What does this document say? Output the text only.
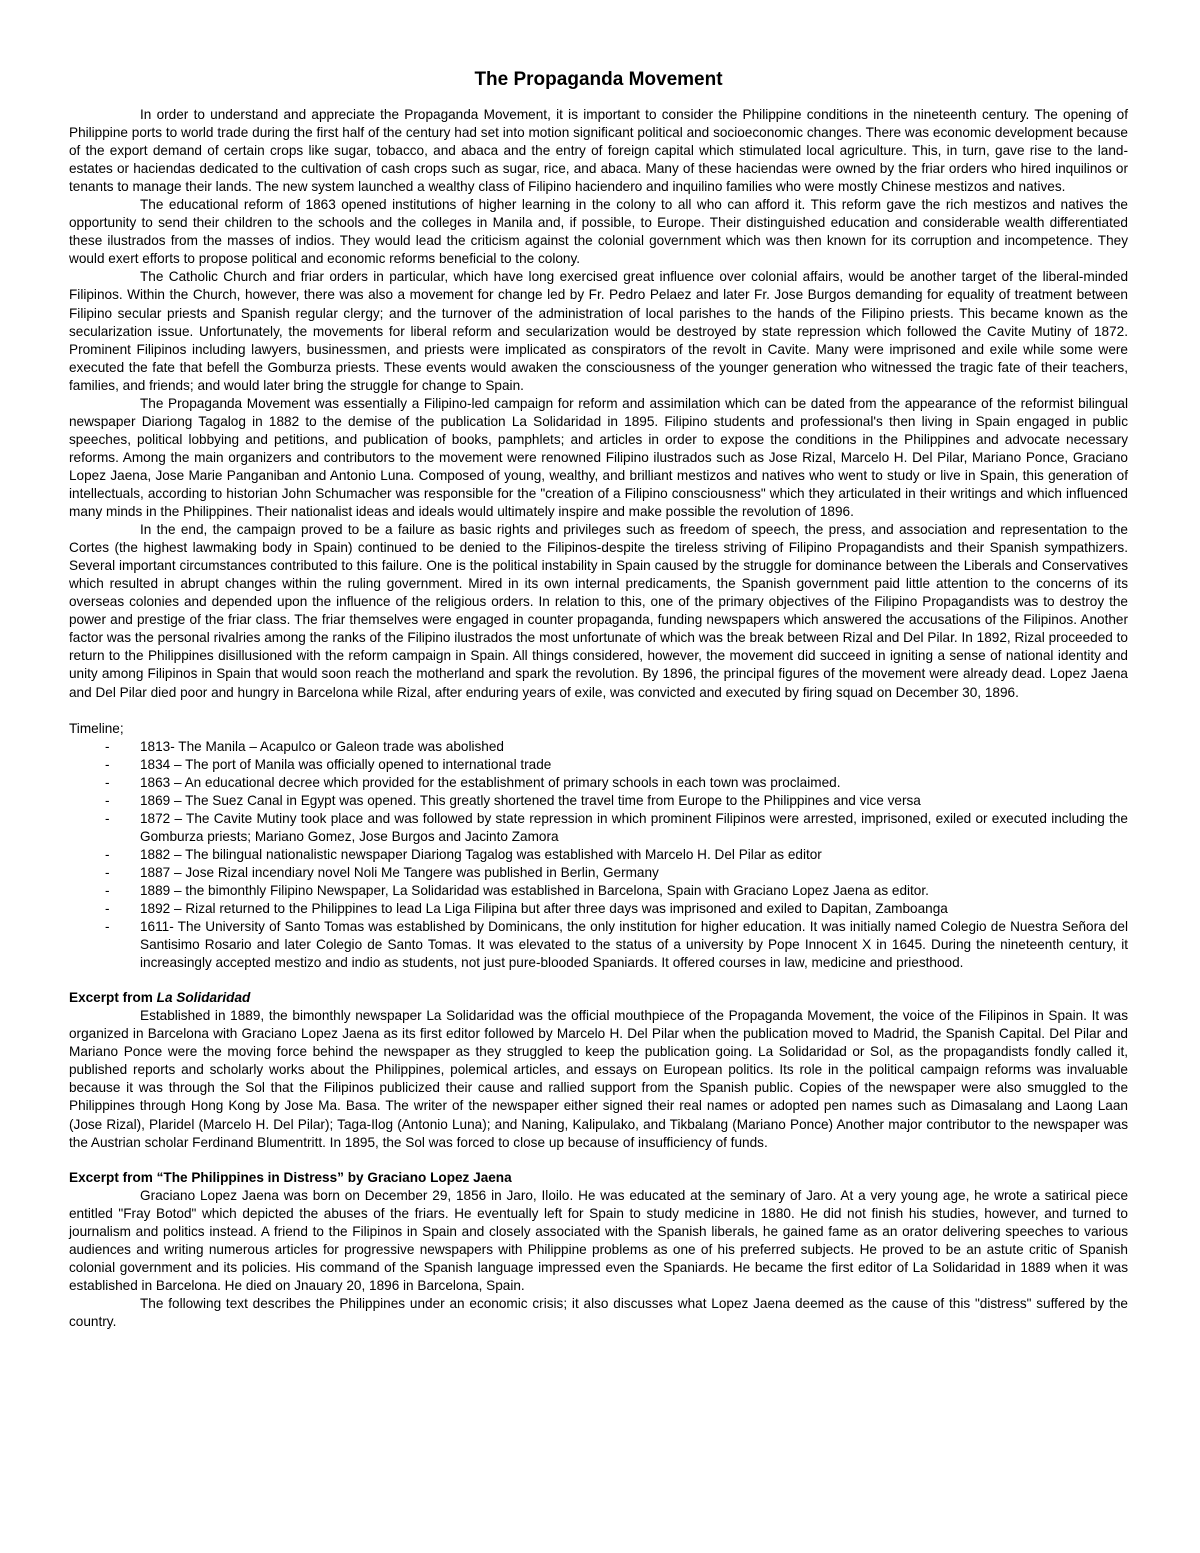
The Propaganda Movement

In order to understand and appreciate the Propaganda Movement, it is important to consider the Philippine conditions in the nineteenth century. The opening of Philippine ports to world trade during the first half of the century had set into motion significant political and socioeconomic changes. There was economic development because of the export demand of certain crops like sugar, tobacco, and abaca and the entry of foreign capital which stimulated local agriculture. This, in turn, gave rise to the land-estates or haciendas dedicated to the cultivation of cash crops such as sugar, rice, and abaca. Many of these haciendas were owned by the friar orders who hired inquilinos or tenants to manage their lands. The new system launched a wealthy class of Filipino haciendero and inquilino families who were mostly Chinese mestizos and natives.

The educational reform of 1863 opened institutions of higher learning in the colony to all who can afford it. This reform gave the rich mestizos and natives the opportunity to send their children to the schools and the colleges in Manila and, if possible, to Europe. Their distinguished education and considerable wealth differentiated these ilustrados from the masses of indios. They would lead the criticism against the colonial government which was then known for its corruption and incompetence. They would exert efforts to propose political and economic reforms beneficial to the colony.

The Catholic Church and friar orders in particular, which have long exercised great influence over colonial affairs, would be another target of the liberal-minded Filipinos. Within the Church, however, there was also a movement for change led by Fr. Pedro Pelaez and later Fr. Jose Burgos demanding for equality of treatment between Filipino secular priests and Spanish regular clergy; and the turnover of the administration of local parishes to the hands of the Filipino priests. This became known as the secularization issue. Unfortunately, the movements for liberal reform and secularization would be destroyed by state repression which followed the Cavite Mutiny of 1872. Prominent Filipinos including lawyers, businessmen, and priests were implicated as conspirators of the revolt in Cavite. Many were imprisoned and exile while some were executed the fate that befell the Gomburza priests. These events would awaken the consciousness of the younger generation who witnessed the tragic fate of their teachers, families, and friends; and would later bring the struggle for change to Spain.

The Propaganda Movement was essentially a Filipino-led campaign for reform and assimilation which can be dated from the appearance of the reformist bilingual newspaper Diariong Tagalog in 1882 to the demise of the publication La Solidaridad in 1895. Filipino students and professional's then living in Spain engaged in public speeches, political lobbying and petitions, and publication of books, pamphlets; and articles in order to expose the conditions in the Philippines and advocate necessary reforms. Among the main organizers and contributors to the movement were renowned Filipino ilustrados such as Jose Rizal, Marcelo H. Del Pilar, Mariano Ponce, Graciano Lopez Jaena, Jose Marie Panganiban and Antonio Luna. Composed of young, wealthy, and brilliant mestizos and natives who went to study or live in Spain, this generation of intellectuals, according to historian John Schumacher was responsible for the "creation of a Filipino consciousness" which they articulated in their writings and which influenced many minds in the Philippines. Their nationalist ideas and ideals would ultimately inspire and make possible the revolution of 1896.

In the end, the campaign proved to be a failure as basic rights and privileges such as freedom of speech, the press, and association and representation to the Cortes (the highest lawmaking body in Spain) continued to be denied to the Filipinos-despite the tireless striving of Filipino Propagandists and their Spanish sympathizers. Several important circumstances contributed to this failure. One is the political instability in Spain caused by the struggle for dominance between the Liberals and Conservatives which resulted in abrupt changes within the ruling government. Mired in its own internal predicaments, the Spanish government paid little attention to the concerns of its overseas colonies and depended upon the influence of the religious orders. In relation to this, one of the primary objectives of the Filipino Propagandists was to destroy the power and prestige of the friar class. The friar themselves were engaged in counter propaganda, funding newspapers which answered the accusations of the Filipinos. Another factor was the personal rivalries among the ranks of the Filipino ilustrados the most unfortunate of which was the break between Rizal and Del Pilar. In 1892, Rizal proceeded to return to the Philippines disillusioned with the reform campaign in Spain. All things considered, however, the movement did succeed in igniting a sense of national identity and unity among Filipinos in Spain that would soon reach the motherland and spark the revolution. By 1896, the principal figures of the movement were already dead. Lopez Jaena and Del Pilar died poor and hungry in Barcelona while Rizal, after enduring years of exile, was convicted and executed by firing squad on December 30, 1896.

Timeline;

- 1813- The Manila – Acapulco or Galeon trade was abolished
- 1834 – The port of Manila was officially opened to international trade
- 1863 – An educational decree which provided for the establishment of primary schools in each town was proclaimed.
- 1869 – The Suez Canal in Egypt was opened. This greatly shortened the travel time from Europe to the Philippines and vice versa
- 1872 – The Cavite Mutiny took place and was followed by state repression in which prominent Filipinos were arrested, imprisoned, exiled or executed including the Gomburza priests; Mariano Gomez, Jose Burgos and Jacinto Zamora
- 1882 – The bilingual nationalistic newspaper Diariong Tagalog was established with Marcelo H. Del Pilar as editor
- 1887 – Jose Rizal incendiary novel Noli Me Tangere was published in Berlin, Germany
- 1889 – the bimonthly Filipino Newspaper, La Solidaridad was established in Barcelona, Spain with Graciano Lopez Jaena as editor.
- 1892 – Rizal returned to the Philippines to lead La Liga Filipina but after three days was imprisoned and exiled to Dapitan, Zamboanga
- 1611- The University of Santo Tomas was established by Dominicans, the only institution for higher education. It was initially named Colegio de Nuestra Señora del Santisimo Rosario and later Colegio de Santo Tomas. It was elevated to the status of a university by Pope Innocent X in 1645. During the nineteenth century, it increasingly accepted mestizo and indio as students, not just pure-blooded Spaniards. It offered courses in law, medicine and priesthood.
Excerpt from La Solidaridad

Established in 1889, the bimonthly newspaper La Solidaridad was the official mouthpiece of the Propaganda Movement, the voice of the Filipinos in Spain. It was organized in Barcelona with Graciano Lopez Jaena as its first editor followed by Marcelo H. Del Pilar when the publication moved to Madrid, the Spanish Capital. Del Pilar and Mariano Ponce were the moving force behind the newspaper as they struggled to keep the publication going. La Solidaridad or Sol, as the propagandists fondly called it, published reports and scholarly works about the Philippines, polemical articles, and essays on European politics. Its role in the political campaign reforms was invaluable because it was through the Sol that the Filipinos publicized their cause and rallied support from the Spanish public. Copies of the newspaper were also smuggled to the Philippines through Hong Kong by Jose Ma. Basa. The writer of the newspaper either signed their real names or adopted pen names such as Dimasalang and Laong Laan (Jose Rizal), Plaridel (Marcelo H. Del Pilar); Taga-Ilog (Antonio Luna); and Naning, Kalipulako, and Tikbalang (Mariano Ponce) Another major contributor to the newspaper was the Austrian scholar Ferdinand Blumentritt. In 1895, the Sol was forced to close up because of insufficiency of funds.

Excerpt from “The Philippines in Distress” by Graciano Lopez Jaena

Graciano Lopez Jaena was born on December 29, 1856 in Jaro, Iloilo. He was educated at the seminary of Jaro. At a very young age, he wrote a satirical piece entitled "Fray Botod" which depicted the abuses of the friars. He eventually left for Spain to study medicine in 1880. He did not finish his studies, however, and turned to journalism and politics instead. A friend to the Filipinos in Spain and closely associated with the Spanish liberals, he gained fame as an orator delivering speeches to various audiences and writing numerous articles for progressive newspapers with Philippine problems as one of his preferred subjects. He proved to be an astute critic of Spanish colonial government and its policies. His command of the Spanish language impressed even the Spaniards. He became the first editor of La Solidaridad in 1889 when it was established in Barcelona. He died on Jnauary 20, 1896 in Barcelona, Spain.

The following text describes the Philippines under an economic crisis; it also discusses what Lopez Jaena deemed as the cause of this "distress" suffered by the country.
